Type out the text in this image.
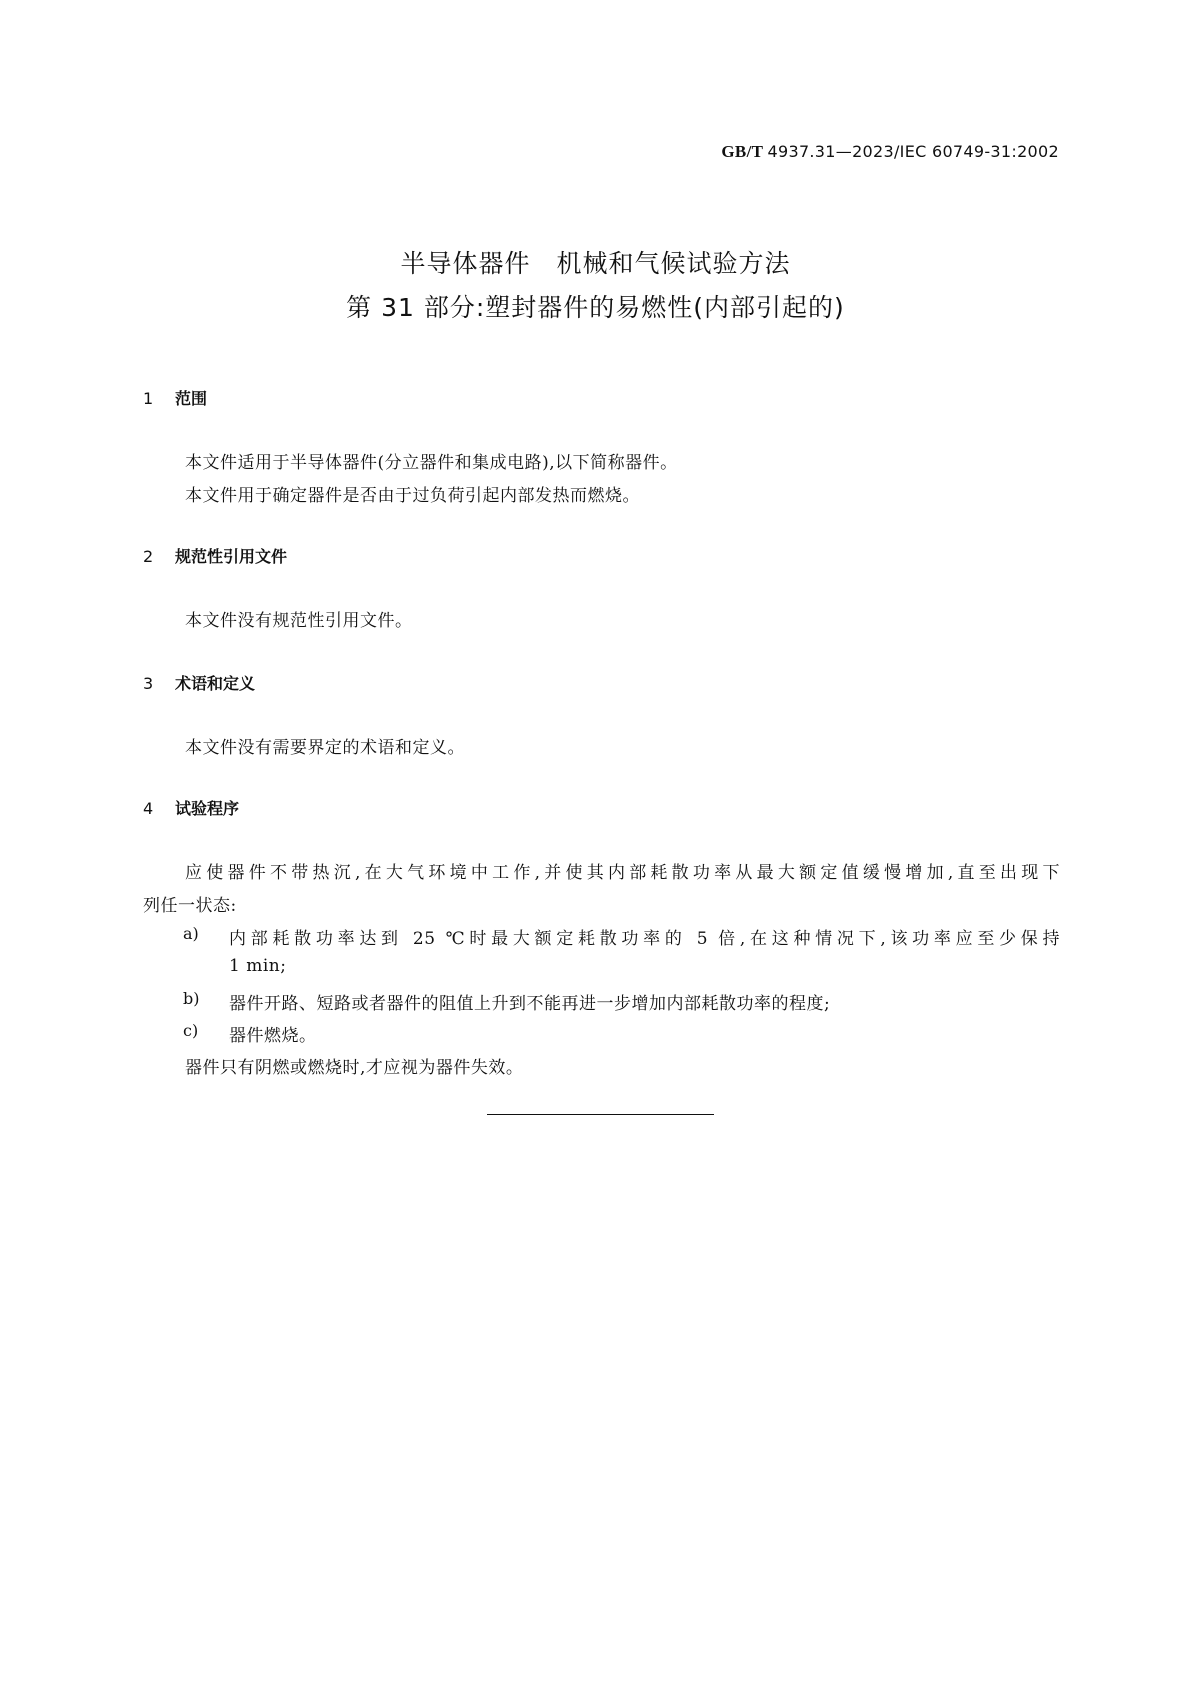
GB/T 4937.31—2023/IEC 60749-31:2002
半导体器件　机械和气候试验方法
第 31 部分:塑封器件的易燃性(内部引起的)
1 范围
本文件适用于半导体器件(分立器件和集成电路),以下简称器件。
本文件用于确定器件是否由于过负荷引起内部发热而燃烧。
2 规范性引用文件
本文件没有规范性引用文件。
3 术语和定义
本文件没有需要界定的术语和定义。
4 试验程序
应使器件不带热沉,在大气环境中工作,并使其内部耗散功率从最大额定值缓慢增加,直至出现下
列任一状态:
a) 内部耗散功率达到 25 ℃时最大额定耗散功率的 5 倍,在这种情况下,该功率应至少保持
1 min;
b) 器件开路、短路或者器件的阻值上升到不能再进一步增加内部耗散功率的程度;
c) 器件燃烧。
器件只有阴燃或燃烧时,才应视为器件失效。
